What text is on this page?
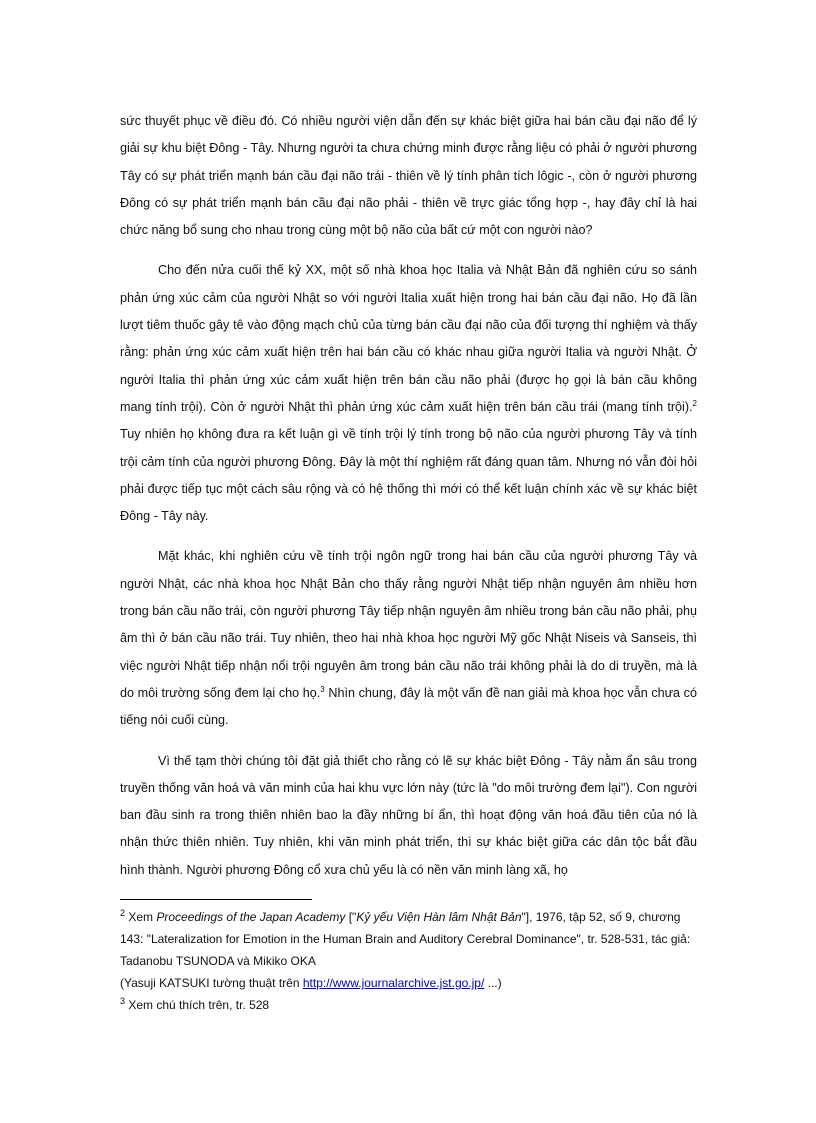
sức thuyết phục về điều đó. Có nhiều người viện dẫn đến sự khác biệt giữa hai bán cầu đại não để lý giải sự khu biệt Đông - Tây. Nhưng người ta chưa chứng minh được rằng liệu có phải ở người phương Tây có sự phát triển mạnh bán cầu đại não trái - thiên về lý tính phân tích lôgic -, còn ở người phương Đông có sự phát triển mạnh bán cầu đại não phải - thiên về trực giác tổng hợp -, hay đây chỉ là hai chức năng bổ sung cho nhau trong cùng một bộ não của bất cứ một con người nào?

Cho đến nửa cuối thế kỷ XX, một số nhà khoa học Italia và Nhật Bản đã nghiên cứu so sánh phản ứng xúc cảm của người Nhật so với người Italia xuất hiện trong hai bán cầu đại não. Họ đã lần lượt tiêm thuốc gây tê vào động mạch chủ của từng bán cầu đại não của đối tượng thí nghiệm và thấy rằng: phản ứng xúc cảm xuất hiện trên hai bán cầu có khác nhau giữa người Italia và người Nhật. Ở người Italia thì phản ứng xúc cảm xuất hiện trên bán cầu não phải (được họ gọi là bán cầu không mang tính trội). Còn ở người Nhật thì phản ứng xúc cảm xuất hiện trên bán cầu trái (mang tính trội).$^2$ Tuy nhiên họ không đưa ra kết luận gì về tính trội lý tính trong bộ não của người phương Tây và tính trội cảm tính của người phương Đông. Đây là một thí nghiệm rất đáng quan tâm. Nhưng nó vẫn đòi hỏi phải được tiếp tục một cách sâu rộng và có hệ thống thì mới có thể kết luận chính xác về sự khác biệt Đông - Tây này.

Mặt khác, khi nghiên cứu về tính trội ngôn ngữ trong hai bán cầu của người phương Tây và người Nhật, các nhà khoa học Nhật Bản cho thấy rằng người Nhật tiếp nhận nguyên âm nhiều hơn trong bán cầu não trái, còn người phương Tây tiếp nhận nguyên âm nhiều trong bán cầu não phải, phụ âm thì ở bán cầu não trái. Tuy nhiên, theo hai nhà khoa học người Mỹ gốc Nhật Niseis và Sanseis, thì việc người Nhật tiếp nhận nổi trội nguyên âm trong bán cầu não trái không phải là do di truyền, mà là do môi trường sống đem lại cho họ.$^3$ Nhìn chung, đây là một vấn đề nan giải mà khoa học vẫn chưa có tiếng nói cuối cùng.

Vì thế tạm thời chúng tôi đặt giả thiết cho rằng có lẽ sự khác biệt Đông - Tây nằm ẩn sâu trong truyền thống văn hoá và văn minh của hai khu vực lớn này (tức là "do môi trường đem lại"). Con người ban đầu sinh ra trong thiên nhiên bao la đầy những bí ẩn, thì hoạt động văn hoá đầu tiên của nó là nhận thức thiên nhiên. Tuy nhiên, khi văn minh phát triển, thì sự khác biệt giữa các dân tộc bắt đầu hình thành. Người phương Đông cổ xưa chủ yếu là có nền văn minh làng xã, họ

$^2$ Xem Proceedings of the Japan Academy ["Kỷ yếu Viện Hàn lâm Nhật Bản"], 1976, tập 52, số 9, chương 143: "Lateralization for Emotion in the Human Brain and Auditory Cerebral Dominance", tr. 528-531, tác giả: Tadanobu TSUNODA và Mikiko OKA

(Yasuji KATSUKI tường thuật trên http://www.journalarchive.jst.go.jp/ ...)

$^3$ Xem chú thích trên, tr. 528
